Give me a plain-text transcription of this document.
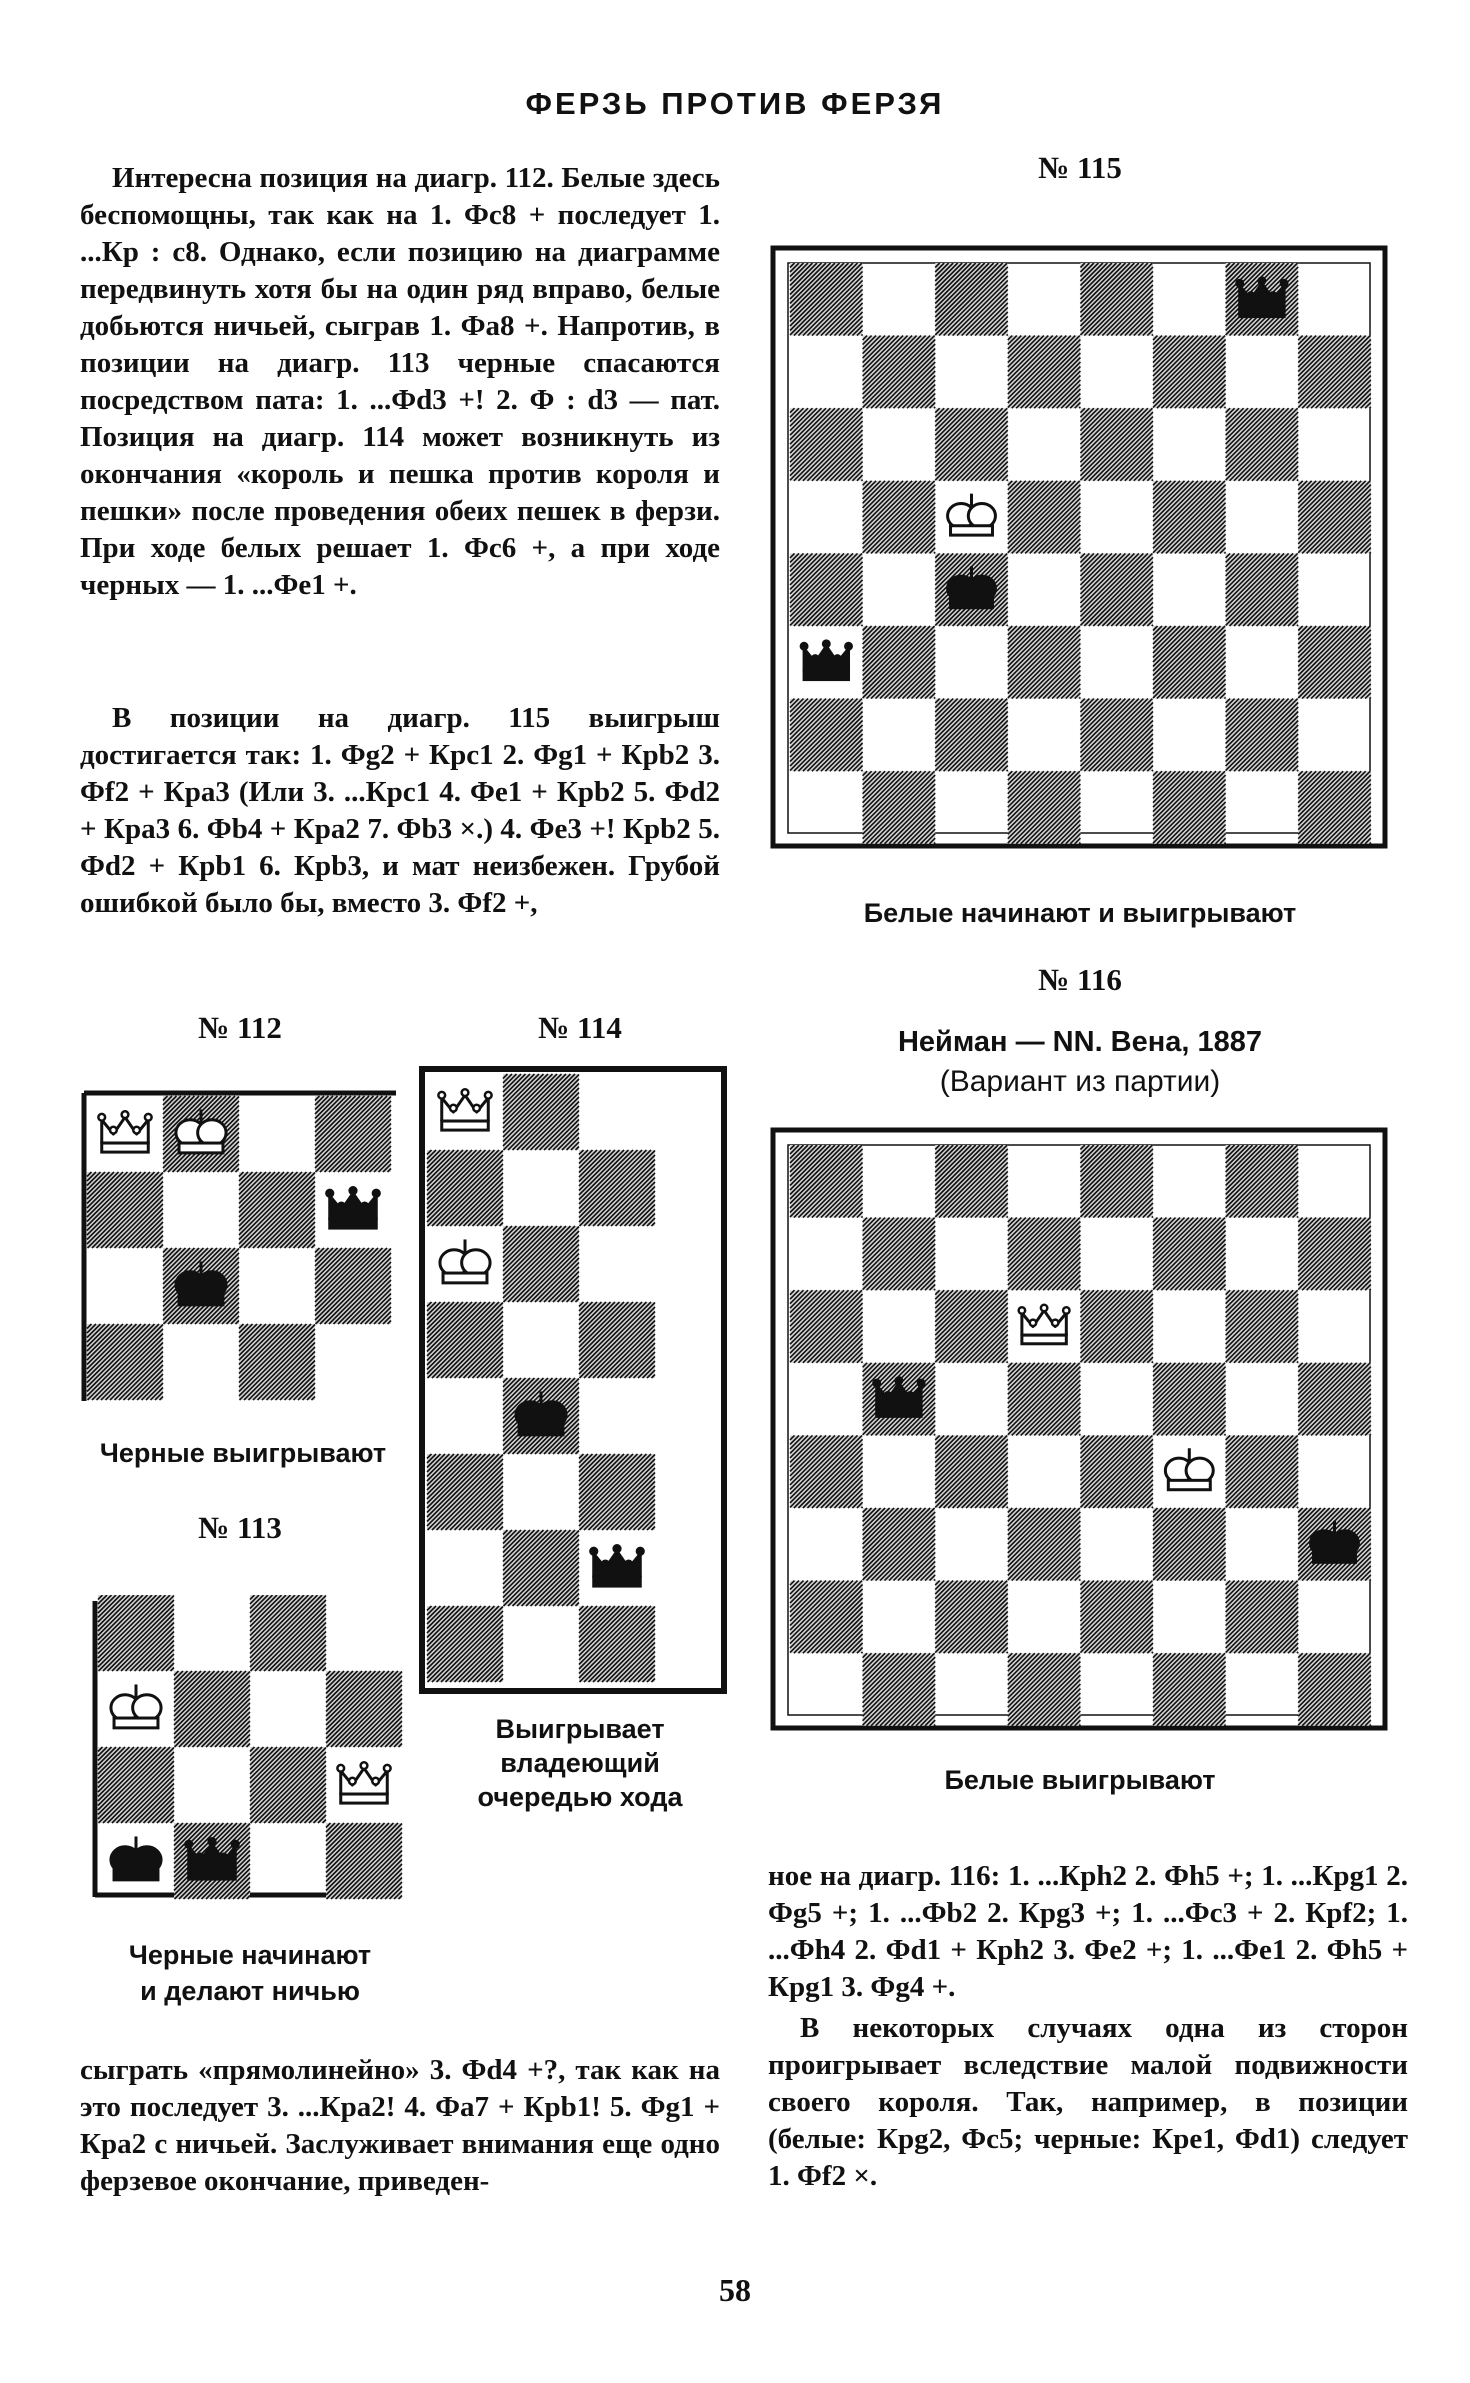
ФЕРЗЬ ПРОТИВ ФЕРЗЯ

Интересна позиция на диагр. 112. Белые здесь беспомощны, так как на 1. Фс8 + последует 1. ...Кр : с8. Однако, если позицию на диаграмме передвинуть хотя бы на один ряд вправо, белые добьются ничьей, сыграв 1. Фа8 +. Напротив, в позиции на диагр. 113 черные спасаются посредством пата: 1. ...Фd3 +! 2. Ф : d3 — пат. Позиция на диагр. 114 может возникнуть из окончания «король и пешка против короля и пешки» после проведения обеих пешек в ферзи. При ходе белых решает 1. Фс6 +, а при ходе черных — 1. ...Фе1 +.

В позиции на диагр. 115 выигрыш достигается так: 1. Фg2 + Крс1 2. Фg1 + Крb2 3. Фf2 + Кра3 (Или 3. ...Крс1 4. Фе1 + Крb2 5. Фd2 + Кра3 6. Фb4 + Кра2 7. Фb3 ×.) 4. Фе3 +! Крb2 5. Фd2 + Крb1 6. Крb3, и мат неизбежен. Грубой ошибкой было бы, вместо 3. Фf2 +,

сыграть «прямолинейно» 3. Фd4 +?, так как на это последует 3. ...Кра2! 4. Фа7 + Крb1! 5. Фg1 + Кра2 с ничьей. Заслуживает внимания еще одно ферзевое окончание, приведен-

ное на диагр. 116: 1. ...Крh2 2. Фh5 +; 1. ...Крg1 2. Фg5 +; 1. ...Фb2 2. Крg3 +; 1. ...Фс3 + 2. Крf2; 1. ...Фh4 2. Фd1 + Крh2 3. Фе2 +; 1. ...Фе1 2. Фh5 + Крg1 3. Фg4 +.

В некоторых случаях одна из сторон проигрывает вследствие малой подвижности своего короля. Так, например, в позиции (белые: Крg2, Фс5; черные: Крe1, Фd1) следует 1. Фf2 ×.

№ 115
Белые начинают и выигрывают
№ 116
Нейман — NN. Вена, 1887
(Вариант из партии)
Белые выигрывают
№ 112
Черные выигрывают
№ 114
Выигрывает
владеющий
очередью хода
№ 113
Черные начинают
и делают ничью
58
